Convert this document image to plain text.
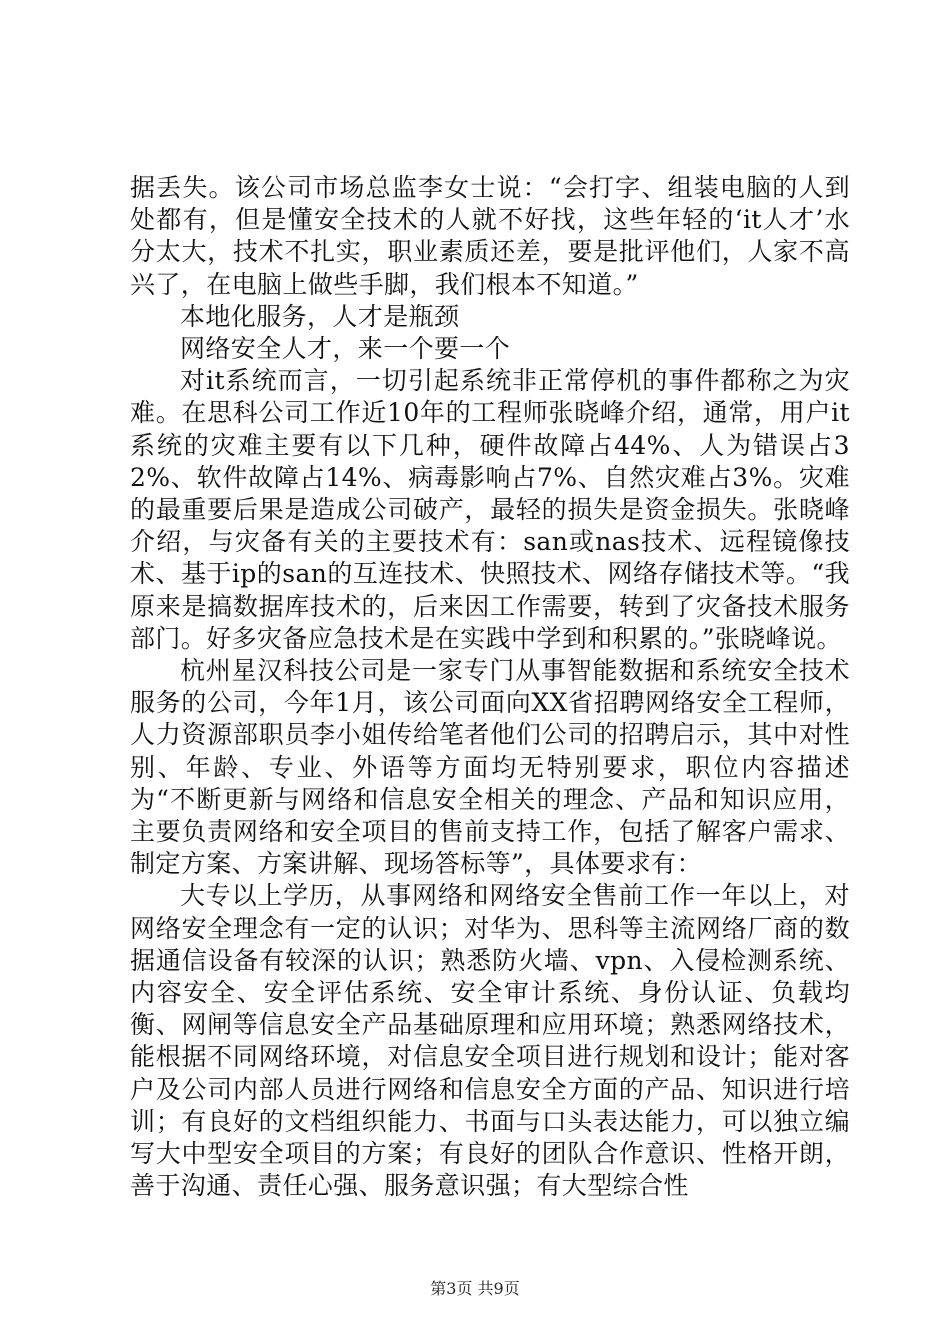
据丢失。该公司市场总监李女士说：“会打字、组装电脑的人到处都有，但是懂安全技术的人就不好找，这些年轻的‘it人才’水分太大，技术不扎实，职业素质还差，要是批评他们，人家不高兴了，在电脑上做些手脚，我们根本不知道。”

本地化服务，人才是瓶颈

网络安全人才，来一个要一个

对it系统而言，一切引起系统非正常停机的事件都称之为灾难。在思科公司工作近10年的工程师张晓峰介绍，通常，用户it系统的灾难主要有以下几种，硬件故障占44%、人为错误占32%、软件故障占14%、病毒影响占7%、自然灾难占3%。灾难的最重要后果是造成公司破产，最轻的损失是资金损失。张晓峰介绍，与灾备有关的主要技术有：san或nas技术、远程镜像技术、基于ip的san的互连技术、快照技术、网络存储技术等。“我原来是搞数据库技术的，后来因工作需要，转到了灾备技术服务部门。好多灾备应急技术是在实践中学到和积累的。”张晓峰说。

杭州星汉科技公司是一家专门从事智能数据和系统安全技术服务的公司，今年1月，该公司面向XX省招聘网络安全工程师，人力资源部职员李小姐传给笔者他们公司的招聘启示，其中对性别、年龄、专业、外语等方面均无特别要求，职位内容描述为“不断更新与网络和信息安全相关的理念、产品和知识应用，主要负责网络和安全项目的售前支持工作，包括了解客户需求、制定方案、方案讲解、现场答标等”，具体要求有：

大专以上学历，从事网络和网络安全售前工作一年以上，对网络安全理念有一定的认识；对华为、思科等主流网络厂商的数据通信设备有较深的认识；熟悉防火墙、vpn、入侵检测系统、内容安全、安全评估系统、安全审计系统、身份认证、负载均衡、网闸等信息安全产品基础原理和应用环境；熟悉网络技术，能根据不同网络环境，对信息安全项目进行规划和设计；能对客户及公司内部人员进行网络和信息安全方面的产品、知识进行培训；有良好的文档组织能力、书面与口头表达能力，可以独立编写大中型安全项目的方案；有良好的团队合作意识、性格开朗，善于沟通、责任心强、服务意识强；有大型综合性

第3页 共9页
